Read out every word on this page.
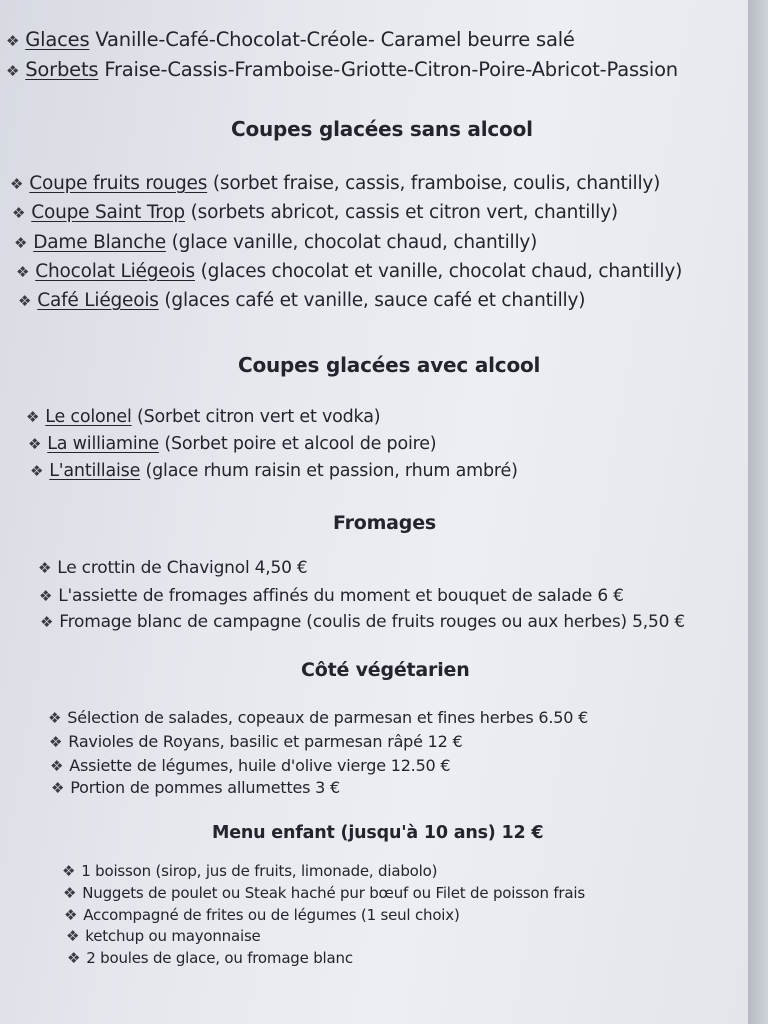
❖ Glaces Vanille-Café-Chocolat-Créole- Caramel beurre salé
❖ Sorbets Fraise-Cassis-Framboise-Griotte-Citron-Poire-Abricot-Passion
Coupes glacées sans alcool
❖ Coupe fruits rouges (sorbet fraise, cassis, framboise, coulis, chantilly)
❖ Coupe Saint Trop (sorbets abricot, cassis et citron vert, chantilly)
❖ Dame Blanche (glace vanille, chocolat chaud, chantilly)
❖ Chocolat Liégeois (glaces chocolat et vanille, chocolat chaud, chantilly)
❖ Café Liégeois (glaces café et vanille, sauce café et chantilly)
Coupes glacées avec alcool
❖ Le colonel (Sorbet citron vert et vodka)
❖ La williamine (Sorbet poire et alcool de poire)
❖ L'antillaise (glace rhum raisin et passion, rhum ambré)
Fromages
❖ Le crottin de Chavignol 4,50 €
❖ L'assiette de fromages affinés du moment et bouquet de salade 6 €
❖ Fromage blanc de campagne (coulis de fruits rouges ou aux herbes) 5,50 €
Côté végétarien
❖ Sélection de salades, copeaux de parmesan et fines herbes 6.50 €
❖ Ravioles de Royans, basilic et parmesan râpé 12 €
❖ Assiette de légumes, huile d'olive vierge 12.50 €
❖ Portion de pommes allumettes 3 €
Menu enfant (jusqu'à 10 ans) 12 €
❖ 1 boisson (sirop, jus de fruits, limonade, diabolo)
❖ Nuggets de poulet ou Steak haché pur bœuf ou Filet de poisson frais
❖ Accompagné de frites ou de légumes (1 seul choix)
❖ ketchup ou mayonnaise
❖ 2 boules de glace, ou fromage blanc
